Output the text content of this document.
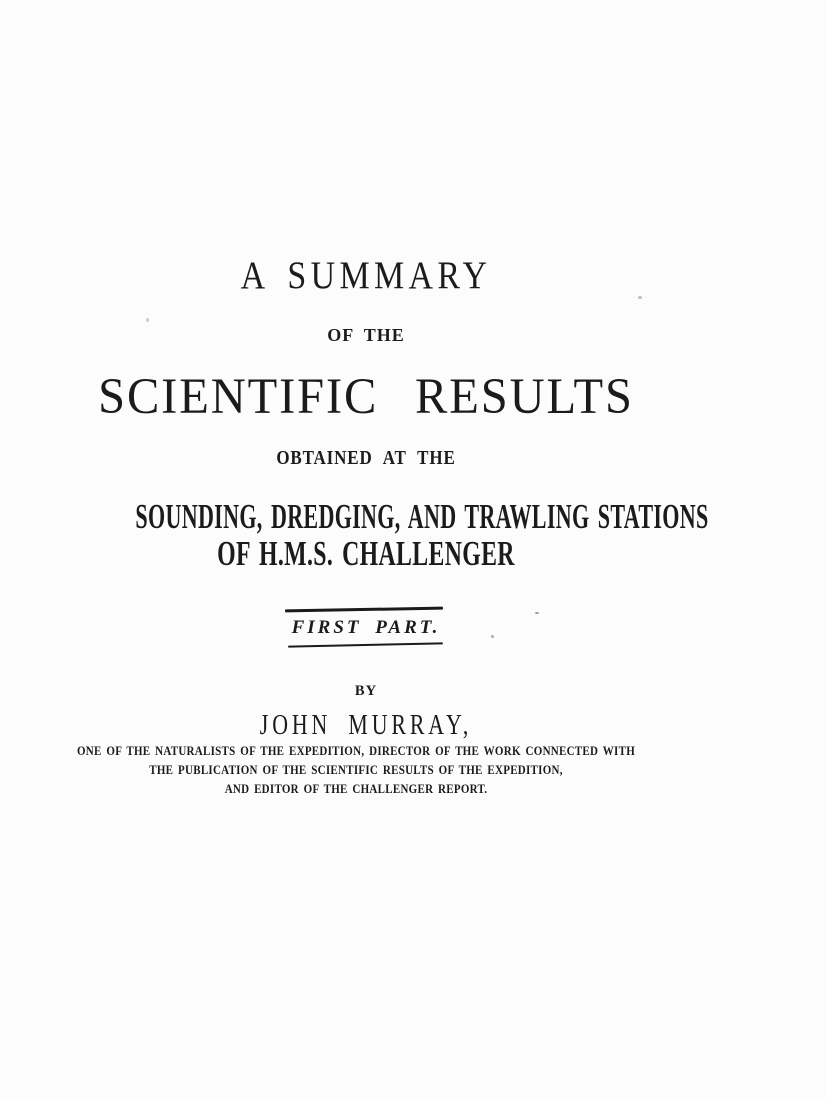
A SUMMARY
OF THE
SCIENTIFIC RESULTS
OBTAINED AT THE
SOUNDING, DREDGING, AND TRAWLING STATIONS
OF H.M.S. CHALLENGER
FIRST PART.
BY
JOHN MURRAY,
ONE OF THE NATURALISTS OF THE EXPEDITION, DIRECTOR OF THE WORK CONNECTED WITH
THE PUBLICATION OF THE SCIENTIFIC RESULTS OF THE EXPEDITION,
AND EDITOR OF THE CHALLENGER REPORT.
